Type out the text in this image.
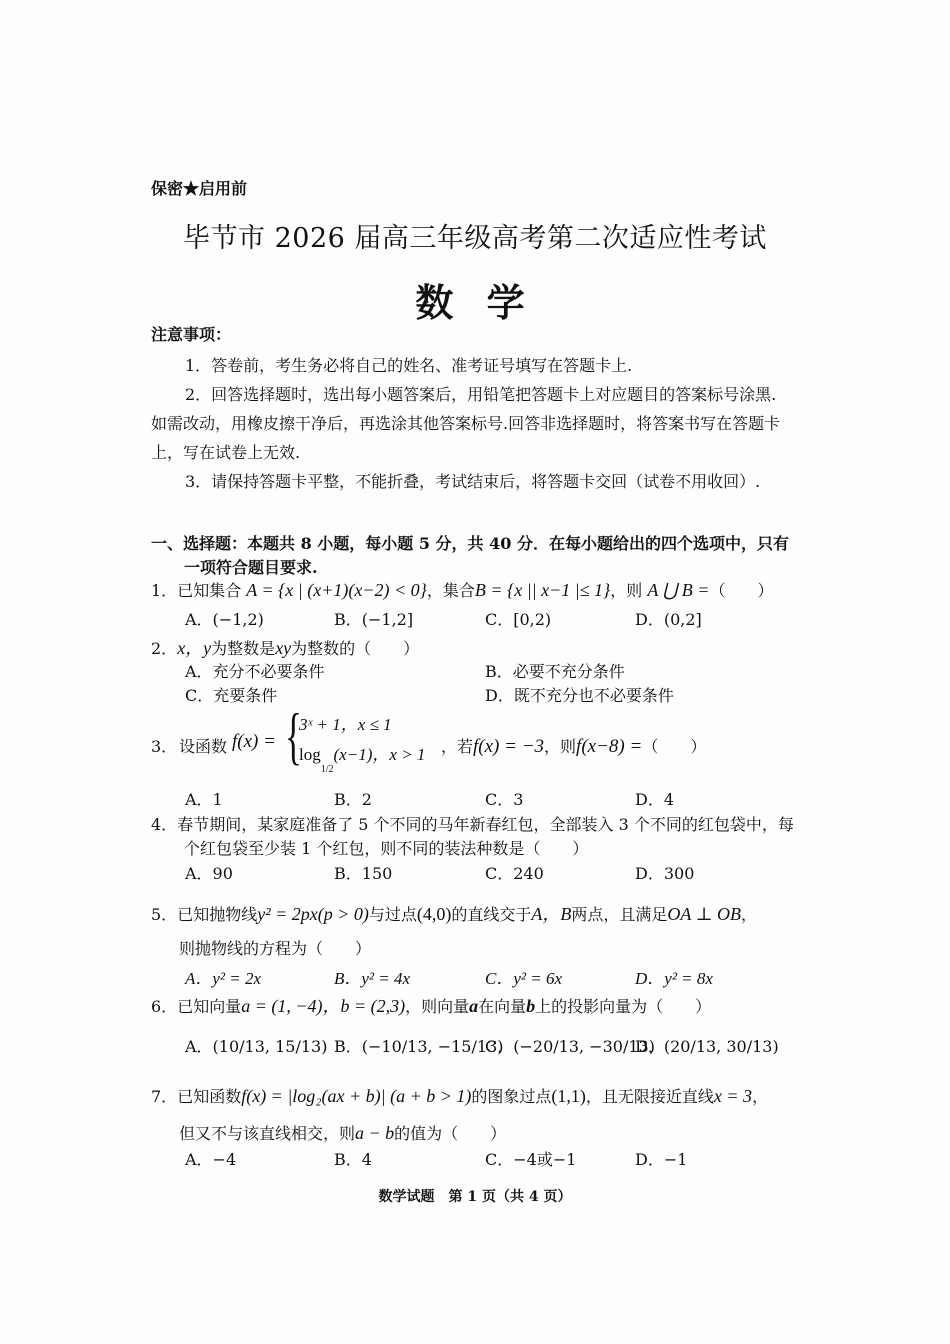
保密★启用前
毕节市 2026 届高三年级高考第二次适应性考试
数 学
注意事项：
1．答卷前，考生务必将自己的姓名、准考证号填写在答题卡上.
2．回答选择题时，选出每小题答案后，用铅笔把答题卡上对应题目的答案标号涂黑.
如需改动，用橡皮擦干净后，再选涂其他答案标号.回答非选择题时，将答案书写在答题卡
上，写在试卷上无效.
3．请保持答题卡平整，不能折叠，考试结束后，将答题卡交回（试卷不用收回）.
一、选择题：本题共 8 小题，每小题 5 分，共 40 分．在每小题给出的四个选项中，只有
一项符合题目要求.
1．已知集合 A = {x | (x+1)(x−2) < 0}，集合B = {x || x−1 |≤ 1}，则 A ⋃ B =（　　）
A．(−1,2)	B．(−1,2]	C．[0,2)	D．(0,2]
2．x，y为整数是xy为整数的（　　）
A．充分不必要条件	B．必要不充分条件
C．充要条件	D．既不充分也不必要条件
3． 设函数 f(x) = {
3ˣ + 1，x ≤ 1
$\log_{1/2}(x-1)$，x > 1 ，若f(x) = −3，则f(x−8) =（　　）
A．1	B．2	C．3	D．4
4．春节期间，某家庭准备了 5 个不同的马年新春红包，全部装入 3 个不同的红包袋中，每
个红包袋至少装 1 个红包，则不同的装法种数是（　　）
A．90	B．150	C．240	D．300
5．已知抛物线y² = 2px(p > 0)与过点(4,0)的直线交于A，B两点，且满足OA ⊥ OB，
则抛物线的方程为（　　）
A．y² = 2x	B．y² = 4x	C．y² = 6x	D．y² = 8x
6．已知向量a = (1, −4)，b = (2,3)，则向量a在向量b上的投影向量为（　　）
A．(10/13, 15/13) B．(−10/13, −15/13)
C．(−20/13, −30/13)
D．(20/13, 30/13)
7．已知函数f(x) = |log₂(ax + b)| (a + b > 1)的图象过点(1,1)，且无限接近直线x = 3，
但又不与该直线相交，则a − b的值为（　　）
A．−4	B．4	C．−4或−1	D．−1
数学试题　第 1 页（共 4 页）
